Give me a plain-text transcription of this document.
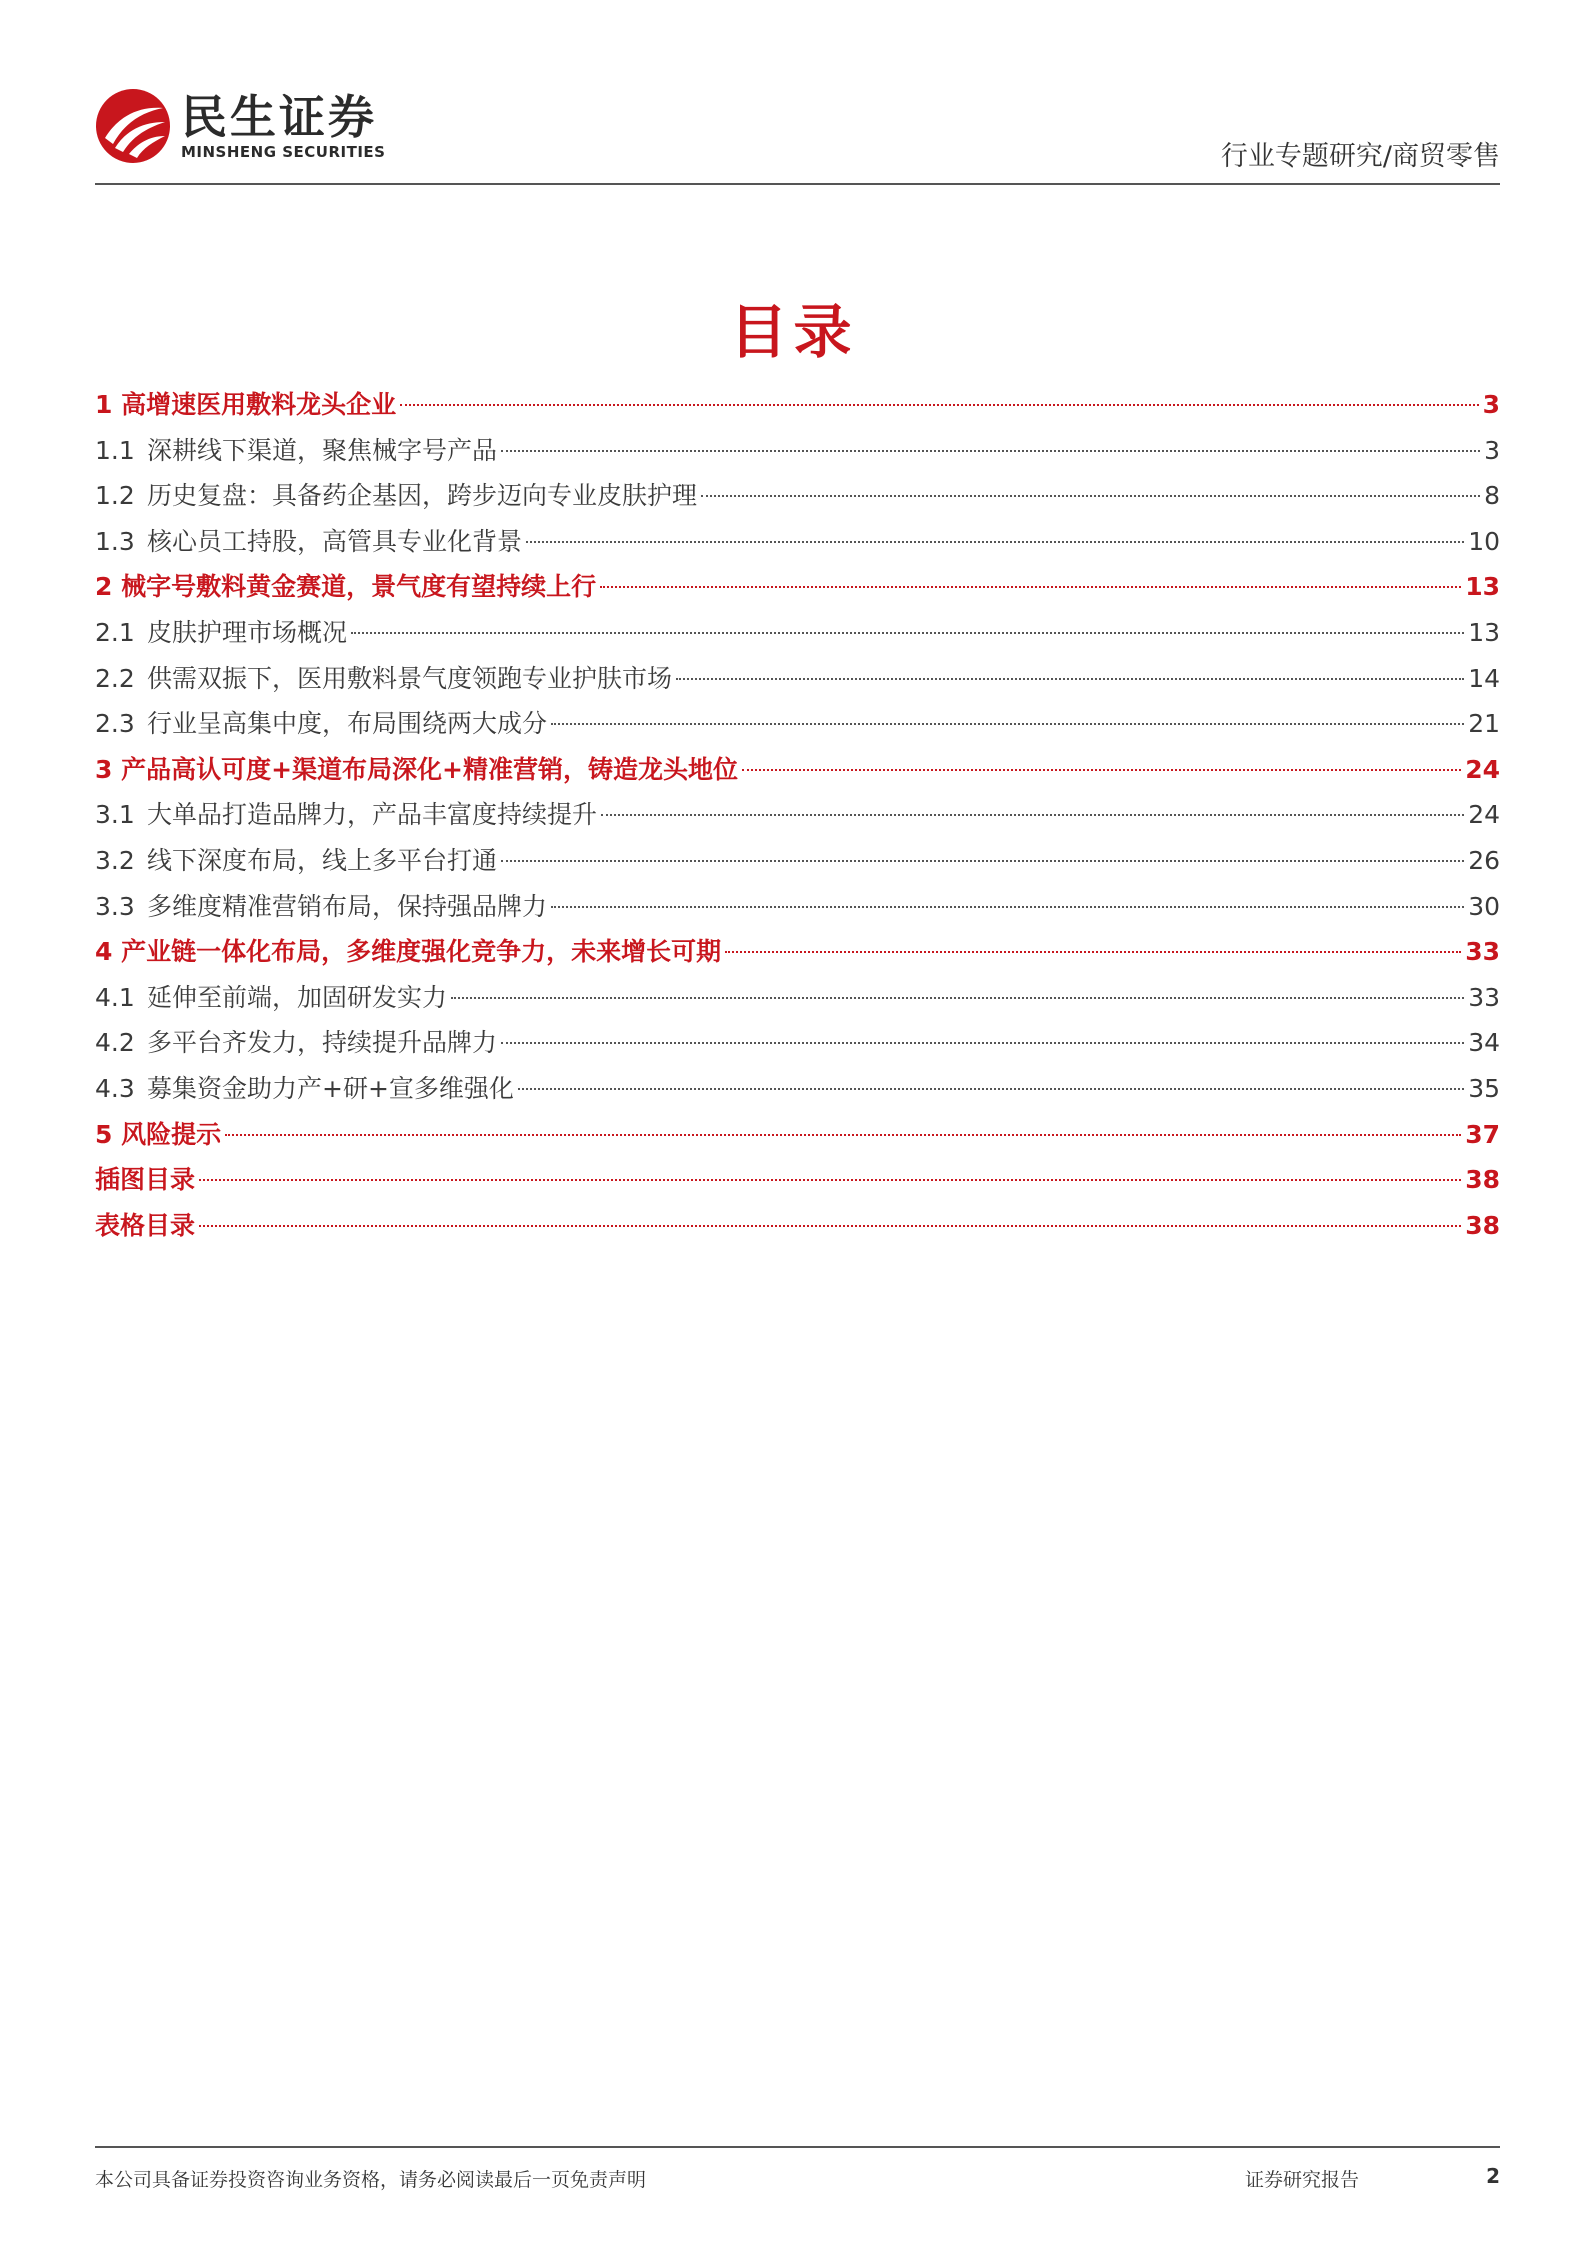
民生证券
MINSHENG SECURITIES	行业专题研究/商贸零售
目录
1 高增速医用敷料龙头企业	3
1.1 深耕线下渠道，聚焦械字号产品	3
1.2 历史复盘：具备药企基因，跨步迈向专业皮肤护理	8
1.3 核心员工持股，高管具专业化背景	10
2 械字号敷料黄金赛道，景气度有望持续上行	13
2.1 皮肤护理市场概况	13
2.2 供需双振下，医用敷料景气度领跑专业护肤市场	14
2.3 行业呈高集中度，布局围绕两大成分	21
3 产品高认可度+渠道布局深化+精准营销，铸造龙头地位	24
3.1 大单品打造品牌力，产品丰富度持续提升	24
3.2 线下深度布局，线上多平台打通	26
3.3 多维度精准营销布局，保持强品牌力	30
4 产业链一体化布局，多维度强化竞争力，未来增长可期	33
4.1 延伸至前端，加固研发实力	33
4.2 多平台齐发力，持续提升品牌力	34
4.3 募集资金助力产+研+宣多维强化	35
5 风险提示	37
插图目录	38
表格目录	38
本公司具备证券投资咨询业务资格，请务必阅读最后一页免责声明	证券研究报告	2
